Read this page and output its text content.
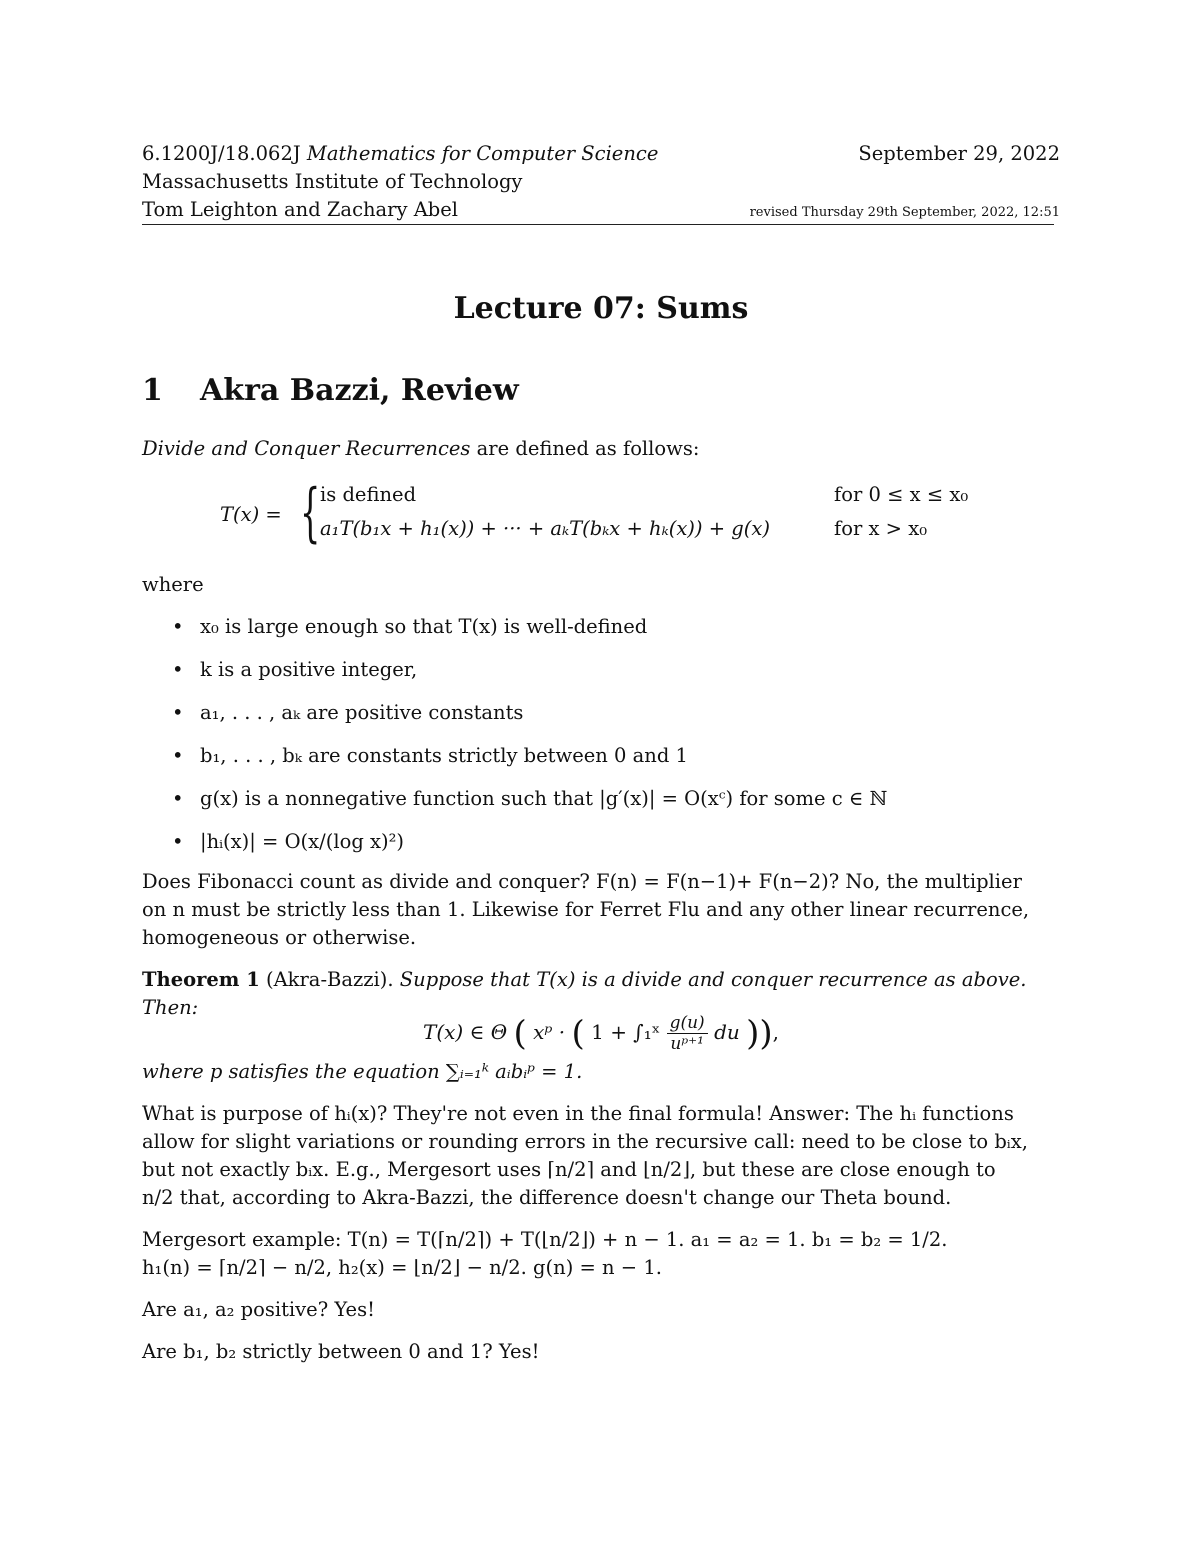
6.1200J/18.062J Mathematics for Computer Science	September 29, 2022
Massachusetts Institute of Technology
Tom Leighton and Zachary Abel	revised Thursday 29th September, 2022, 12:51
Lecture 07: Sums
1 Akra Bazzi, Review

Divide and Conquer Recurrences are defined as follows:

T(x) = { is defined
a₁T(b₁x + h₁(x)) + ··· + aₖT(bₖx + hₖ(x)) + g(x)
for 0 ≤ x ≤ x₀
for x > x₀

where

• x₀ is large enough so that T(x) is well-defined
• k is a positive integer,
• a₁, . . . , aₖ are positive constants
• b₁, . . . , bₖ are constants strictly between 0 and 1
• g(x) is a nonnegative function such that |g′(x)| = O(xᶜ) for some c ∈ ℕ
• |hᵢ(x)| = O(x/(log x)²)

Does Fibonacci count as divide and conquer? F(n) = F(n−1)+ F(n−2)? No, the multiplier

on n must be strictly less than 1. Likewise for Ferret Flu and any other linear recurrence,

homogeneous or otherwise.

Theorem 1 (Akra-Bazzi). Suppose that T(x) is a divide and conquer recurrence as above.

Then:

T(x) ∈ Θ ( xᵖ · ( 1 + ∫₁ˣ $\frac{g(u)}{\text{uᵖ⁺¹}}$ du )),

where p satisfies the equation ∑ᵢ₌₁ᵏ aᵢbᵢᵖ = 1.

What is purpose of hᵢ(x)? They're not even in the final formula! Answer: The hᵢ functions

allow for slight variations or rounding errors in the recursive call: need to be close to bᵢx,

but not exactly bᵢx. E.g., Mergesort uses ⌈n/2⌉ and ⌊n/2⌋, but these are close enough to

n/2 that, according to Akra-Bazzi, the difference doesn't change our Theta bound.

Mergesort example: T(n) = T(⌈n/2⌉) + T(⌊n/2⌋) + n − 1. a₁ = a₂ = 1. b₁ = b₂ = 1/2.

h₁(n) = ⌈n/2⌉ − n/2, h₂(x) = ⌊n/2⌋ − n/2. g(n) = n − 1.

Are a₁, a₂ positive? Yes!

Are b₁, b₂ strictly between 0 and 1? Yes!
